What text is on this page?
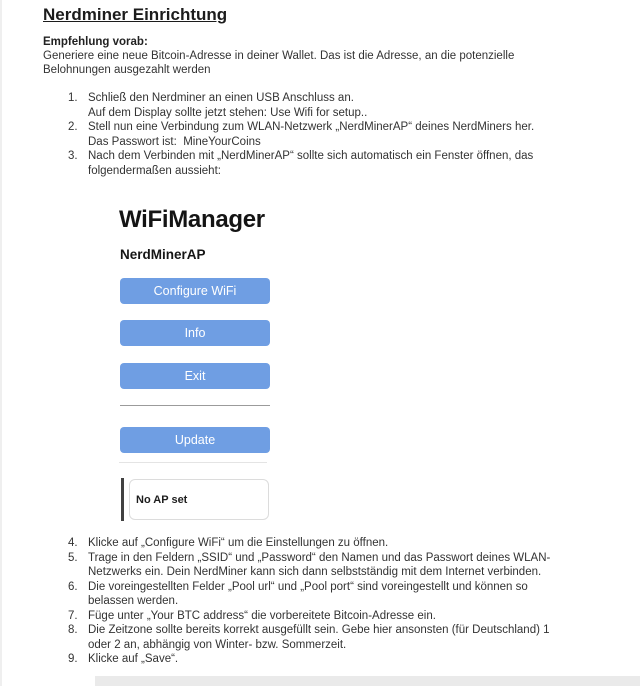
Nerdminer Einrichtung
Empfehlung vorab:
Generiere eine neue Bitcoin-Adresse in deiner Wallet. Das ist die Adresse, an die potenzielle
Belohnungen ausgezahlt werden
1. Schließ den Nerdminer an einen USB Anschluss an.
Auf dem Display sollte jetzt stehen: Use Wifi for setup..
2. Stell nun eine Verbindung zum WLAN-Netzwerk „NerdMinerAP“ deines NerdMiners her.
Das Passwort ist:  MineYourCoins
3. Nach dem Verbinden mit „NerdMinerAP“ sollte sich automatisch ein Fenster öffnen, das
folgendermaßen aussieht:
WiFiManager
NerdMinerAP
Configure WiFi
Info
Exit
Update
No AP set
4. Klicke auf „Configure WiFi“ um die Einstellungen zu öffnen.
5. Trage in den Feldern „SSID“ und „Password“ den Namen und das Passwort deines WLAN-
Netzwerks ein. Dein NerdMiner kann sich dann selbstständig mit dem Internet verbinden.
6. Die voreingestellten Felder „Pool url“ und „Pool port“ sind voreingestellt und können so
belassen werden.
7. Füge unter „Your BTC address“ die vorbereitete Bitcoin-Adresse ein.
8. Die Zeitzone sollte bereits korrekt ausgefüllt sein. Gebe hier ansonsten (für Deutschland) 1
oder 2 an, abhängig von Winter- bzw. Sommerzeit.
9. Klicke auf „Save“.
